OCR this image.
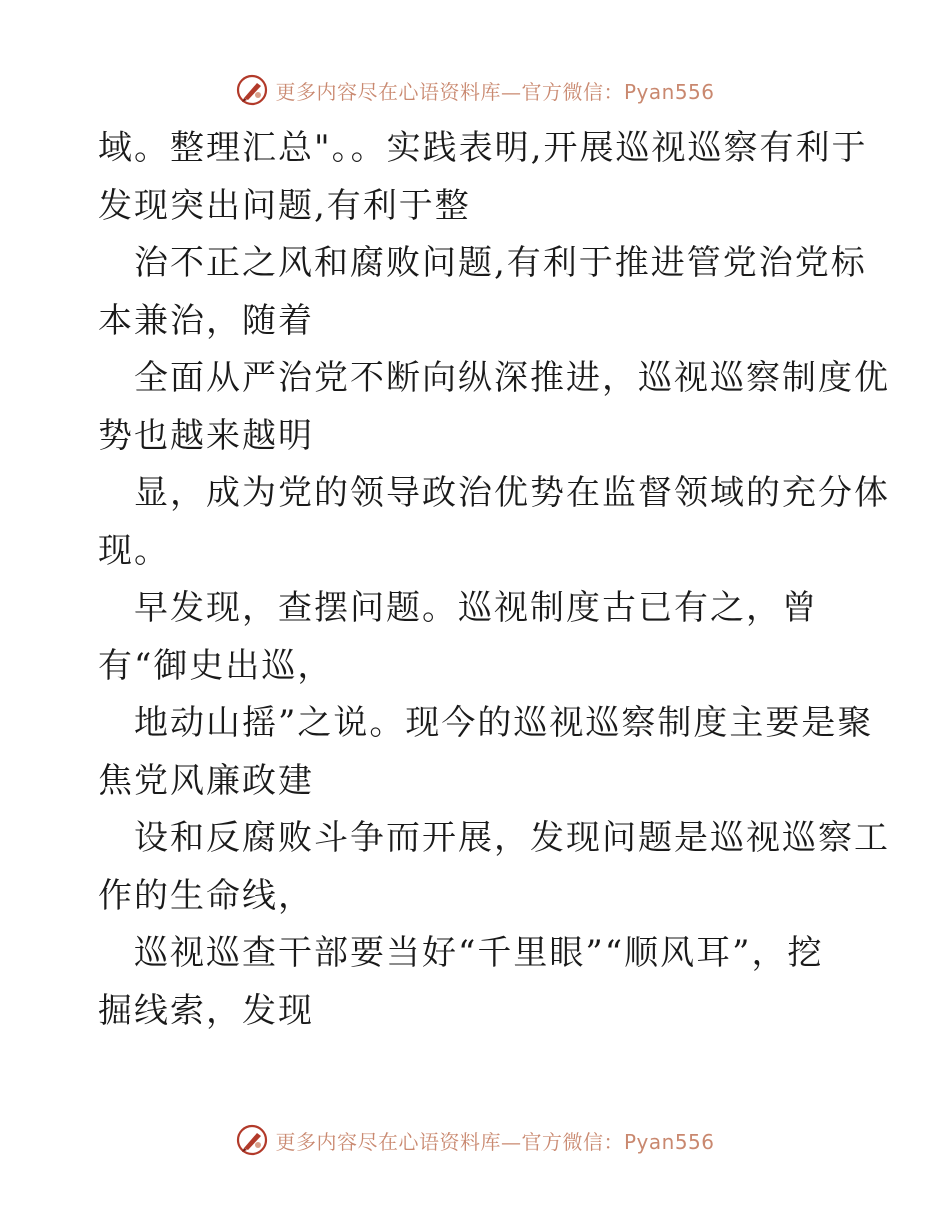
更多内容尽在心语资料库—官方微信：Pyan556
域。整理汇总"。。实践表明,开展巡视巡察有利于
发现突出问题,有利于整
治不正之风和腐败问题,有利于推进管党治党标
本兼治，随着
全面从严治党不断向纵深推进，巡视巡察制度优
势也越来越明
显，成为党的领导政治优势在监督领域的充分体
现。
早发现，查摆问题。巡视制度古已有之，曾
有“御史出巡，
地动山摇”之说。现今的巡视巡察制度主要是聚
焦党风廉政建
设和反腐败斗争而开展，发现问题是巡视巡察工
作的生命线，
巡视巡查干部要当好“千里眼”“顺风耳”，挖
掘线索，发现
更多内容尽在心语资料库—官方微信：Pyan556
